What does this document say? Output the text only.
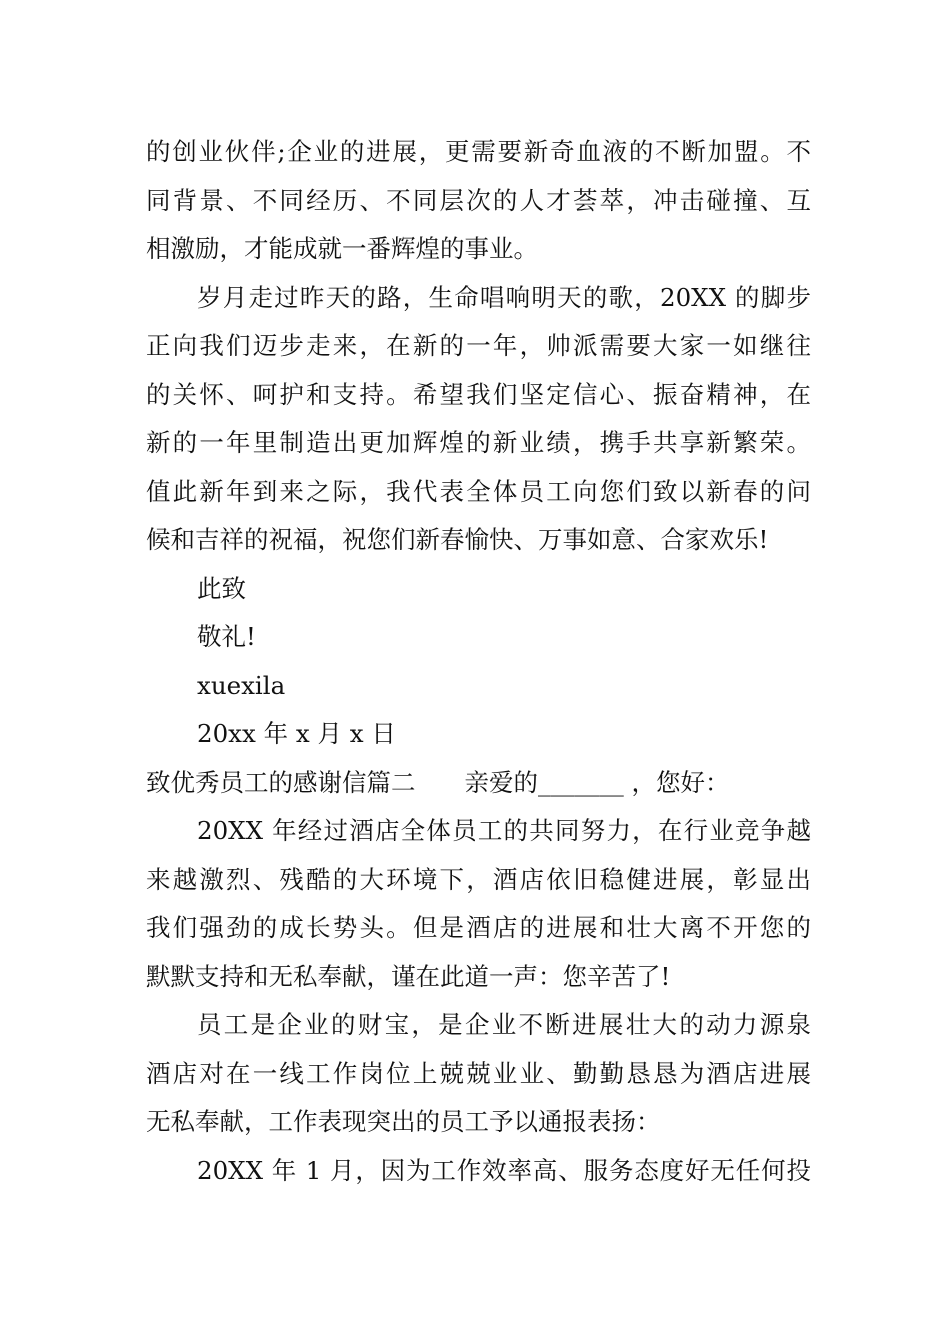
的创业伙伴;企业的进展，更需要新奇血液的不断加盟。不
同背景、不同经历、不同层次的人才荟萃，冲击碰撞、互
相激励，才能成就一番辉煌的事业。
岁月走过昨天的路，生命唱响明天的歌，20XX 的脚步
正向我们迈步走来，在新的一年，帅派需要大家一如继往
的关怀、呵护和支持。希望我们坚定信心、振奋精神，在
新的一年里制造出更加辉煌的新业绩，携手共享新繁荣。
值此新年到来之际，我代表全体员工向您们致以新春的问
候和吉祥的祝福，祝您们新春愉快、万事如意、合家欢乐!
此致
敬礼!
xuexila
20xx 年 x 月 x 日
致优秀员工的感谢信篇二　　亲爱的_______ ，您好：
20XX 年经过酒店全体员工的共同努力，在行业竞争越
来越激烈、残酷的大环境下，酒店依旧稳健进展，彰显出
我们强劲的成长势头。但是酒店的进展和壮大离不开您的
默默支持和无私奉献，谨在此道一声：您辛苦了!
员工是企业的财宝，是企业不断进展壮大的动力源泉
酒店对在一线工作岗位上兢兢业业、勤勤恳恳为酒店进展
无私奉献，工作表现突出的员工予以通报表扬：
20XX 年 1 月，因为工作效率高、服务态度好无任何投
